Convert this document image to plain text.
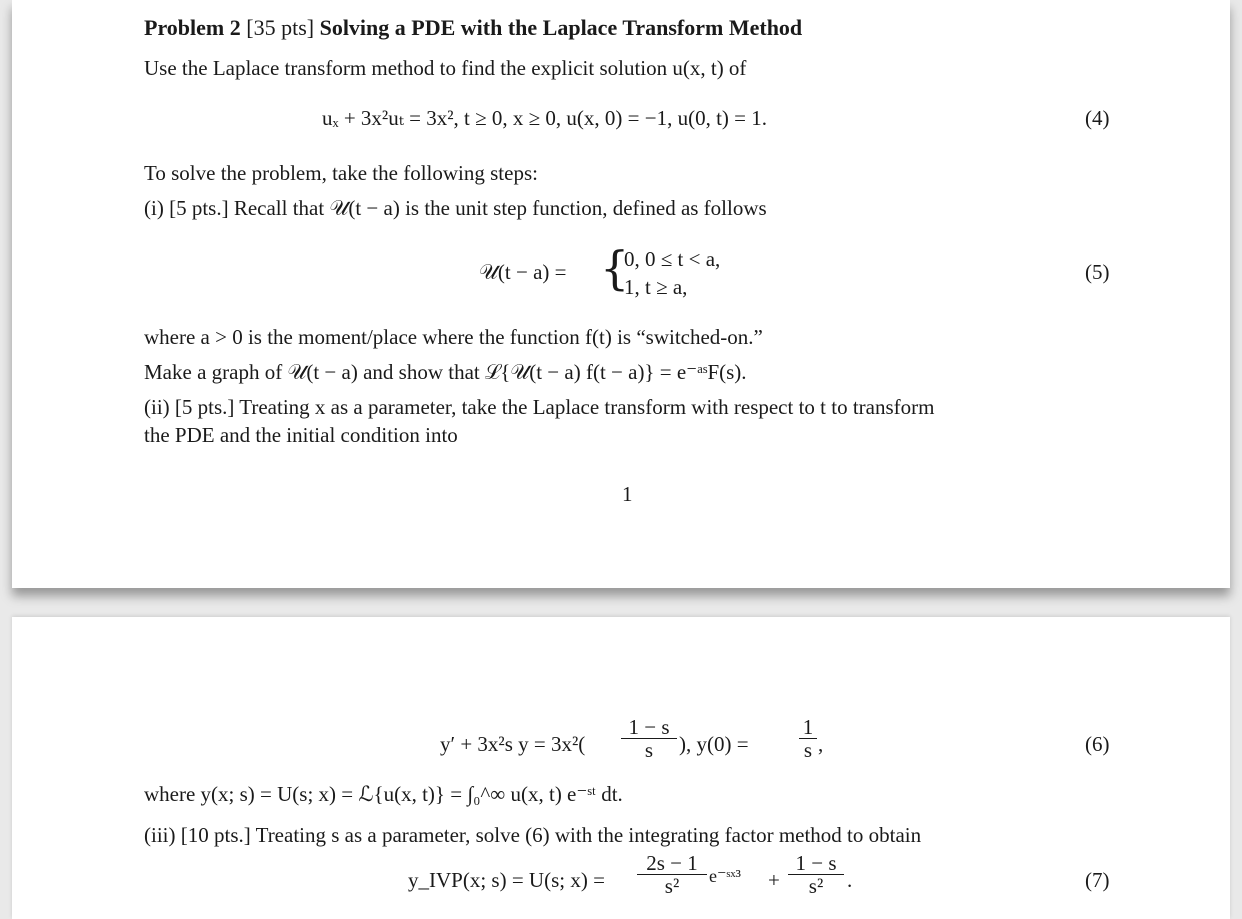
Problem 2 [35 pts] Solving a PDE with the Laplace Transform Method
Use the Laplace transform method to find the explicit solution u(x, t) of
uₓ + 3x²uₜ = 3x², t ≥ 0, x ≥ 0, u(x, 0) = −1, u(0, t) = 1.	(4)
To solve the problem, take the following steps:
(i) [5 pts.] Recall that 𝒰(t − a) is the unit step function, defined as follows
𝒰(t − a) = {
0, 0 ≤ t < a,
1, t ≥ a,
(5)
where a > 0 is the moment/place where the function f(t) is “switched-on.”
Make a graph of 𝒰(t − a) and show that ℒ{𝒰(t − a) f(t − a)} = e⁻ᵃˢF(s).
(ii) [5 pts.] Treating x as a parameter, take the Laplace transform with respect to t to transform
the PDE and the initial condition into
1
y′ + 3x²s $y = 3x^2( \frac{1 - s}{s}$ ), $y(0) = \frac{1}{s}$ ,	(6)
where y(x; s) = U(s; x) = ℒ{u(x, t)} = ∫₀^∞ u(x, t) e⁻ˢᵗ dt.
(iii) [10 pts.] Treating s as a parameter, solve (6) with the integrating factor method to obtain
y_IVP(x; s) = U(s; $x) = \frac{2s - 1}{\text{s²}}$ e⁻ˢˣ³ + $\frac{1 - s}{\text{s²}}$ .	(7)
